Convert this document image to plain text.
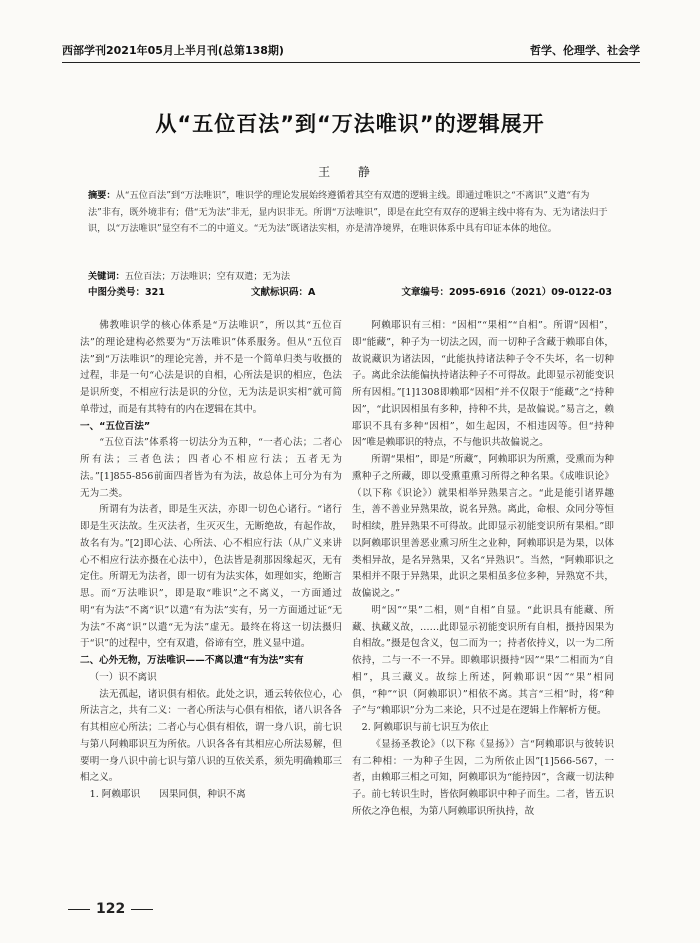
西部学刊2021年05月上半月刊(总第138期)	哲学、伦理学、社会学
从“五位百法”到“万法唯识”的逻辑展开
王 静
摘要：从“五位百法”到“万法唯识”，唯识学的理论发展始终遵循着其空有双遣的逻辑主线。即通过唯识之“不离识”义遣“有为法”非有，既外境非有；借“无为法”非无，显内识非无。所谓“万法唯识”，即是在此空有双存的逻辑主线中将有为、无为诸法归于识，以“万法唯识”显空有不二的中道义。“无为法”既诸法实相，亦是清净境界，在唯识体系中具有印证本体的地位。
关键词：五位百法；万法唯识；空有双遣；无为法
中图分类号：321	文献标识码：A	文章编号：2095-6916（2021）09-0122-03

佛教唯识学的核心体系是“万法唯识”，所以其“五位百法”的理论建构必然要为“万法唯识”体系服务。但从“五位百法”到“万法唯识”的理论完善，并不是一个简单归类与收摄的过程，非是一句“心法是识的自相，心所法是识的相应，色法是识所变，不相应行法是识的分位，无为法是识实相”就可简单带过，而是有其特有的内在逻辑在其中。

一、“五位百法”

“五位百法”体系将一切法分为五种，“一者心法；二者心所有法；三者色法；四者心不相应行法；五者无为法。”[1]855-856前面四者皆为有为法，故总体上可分为有为无为二类。

所谓有为法者，即是生灭法，亦即一切色心诸行。“诸行即是生灭法故。生灭法者，生灭灭生，无断绝故，有起作故，故名有为。”[2]即心法、心所法、心不相应行法（从广义来讲心不相应行法亦摄在心法中），色法皆是刹那因缘起灭，无有定住。所谓无为法者，即一切有为法实体，如理如实，绝断言思。而“万法唯识”，即是取“唯识”之不离义，一方面通过明“有为法”不离“识”以遣“有为法”实有，另一方面通过证“无为法”不离“识”以遣“无为法”虚无。最终在将这一切法摄归于“识”的过程中，空有双遣，俗谛有空，胜义显中道。

二、心外无物，万法唯识——不离以遣“有为法”实有

（一）识不离识

法无孤起，诸识俱有相依。此处之识，通云转依位心，心所法言之，共有二义：一者心所法与心俱有相依，诸八识各各有其相应心所法；二者心与心俱有相依，谓一身八识，前七识与第八阿赖耶识互为所依。八识各各有其相应心所法易解，但要明一身八识中前七识与第八识的互依关系，须先明确赖耶三相之义。

1. 阿赖耶识　　因果同俱，种识不离

阿赖耶识有三相：“因相”“果相”“自相”。所谓“因相”，即“能藏”，种子为一切法之因，而一切种子含藏于赖耶自体，故说藏识为诸法因，“此能执持诸法种子令不失坏，名一切种子。离此余法能偏执持诸法种子不可得故。此即显示初能变识所有因相。”[1]1308即赖耶“因相”并不仅限于“能藏”之“持种因”，“此识因相虽有多种，持种不共，是故偏说。”易言之，赖耶识不具有多种“因相”，如生起因，不相违因等。但“持种因”唯是赖耶识的特点，不与他识共故偏说之。

所谓“果相”，即是“所藏”，阿赖耶识为所熏，受熏而为种熏种子之所藏，即以受熏重熏习所得之种名果。《成唯识论》（以下称《识论》）就果相举异熟果言之。“此是能引诸界趣生，善不善业异熟果故，说名异熟。离此，命根、众同分等恒时相续，胜异熟果不可得故。此即显示初能变识所有果相。”即以阿赖耶识里善恶业熏习所生之业种，阿赖耶识是为果，以体类相异故，是名异熟果，又名“异熟识”。当然，“阿赖耶识之果相并不限于异熟果，此识之果相虽多位多种，异熟宽不共，故偏说之。”

明“因”“果”二相，则“自相”自显。“此识具有能藏、所藏、执藏义故，……此即显示初能变识所有自相，摄持因果为自相故。”摄是包含义，包二而为一；持者依持义，以一为二所依持，二与一不一不异。即赖耶识摄持“因”“果”二相而为“自相”，具三藏义。故综上所述，阿赖耶识“因”“果”相同俱，“种”“识（阿赖耶识）”相依不离。其言“三相”时，将“种子”与“赖耶识”分为二来论，只不过是在逻辑上作解析方便。

2. 阿赖耶识与前七识互为依止

《显扬圣教论》（以下称《显扬》）言“阿赖耶识与彼转识有二种相：一为种子生因，二为所依止因”[1]566-567，一者，由赖耶三相之可知，阿赖耶识为“能持因”，含藏一切法种子。前七转识生时，皆依阿赖耶识中种子而生。二者，皆五识所依之净色根，为第八阿赖耶识所执持，故

122
